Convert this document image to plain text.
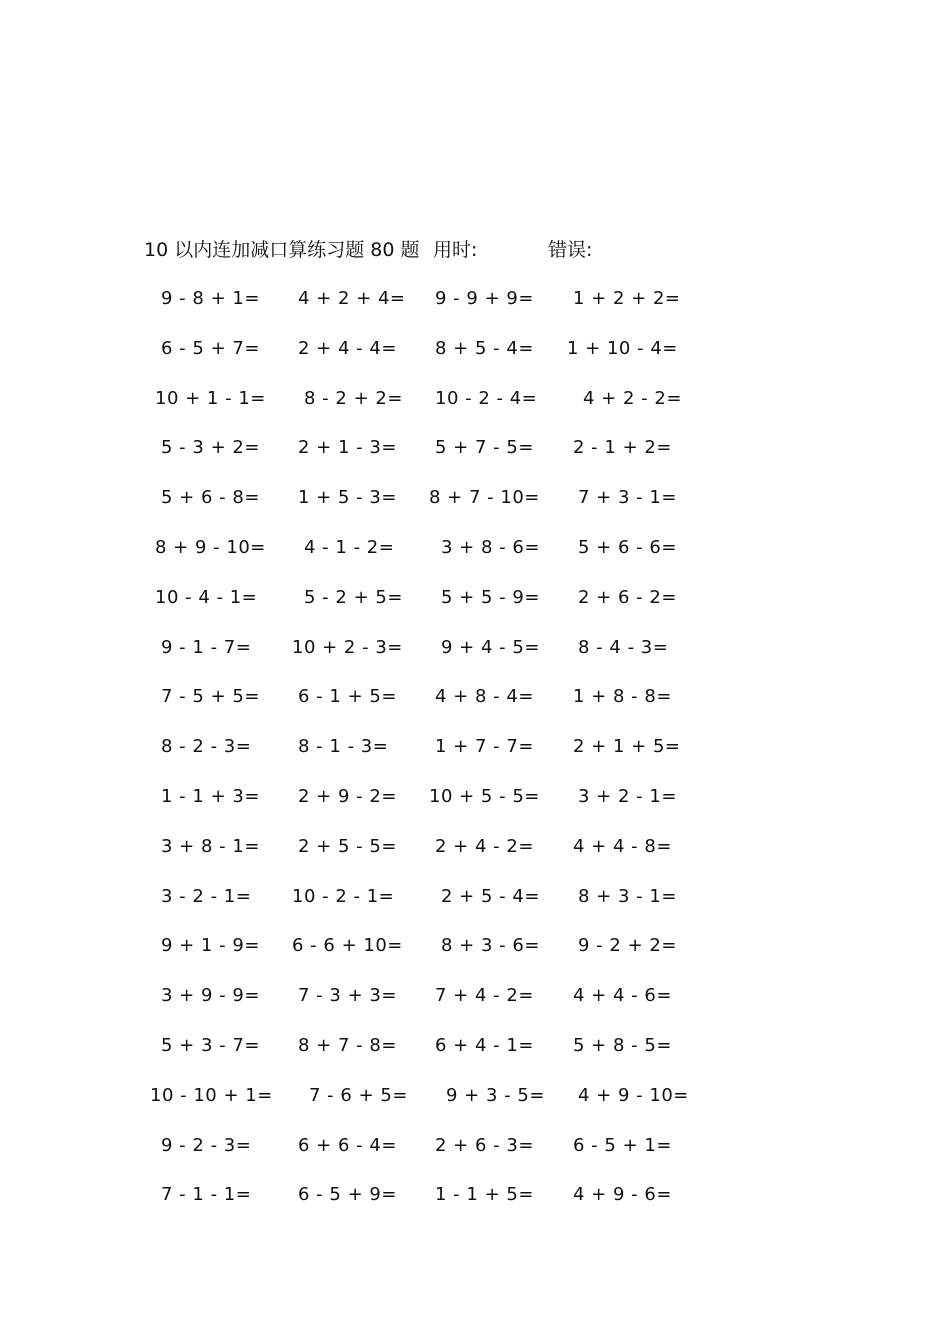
10 以内连加减口算练习题 80 题 用时:	错误:
9 - 8 + 1= 4 + 2 + 4= 9 - 9 + 9= 1 + 2 + 2=
6 - 5 + 7= 2 + 4 - 4= 8 + 5 - 4= 1 + 10 - 4=
10 + 1 - 1= 8 - 2 + 2= 10 - 2 - 4=	4 + 2 - 2=
5 - 3 + 2= 2 + 1 - 3= 5 + 7 - 5= 2 - 1 + 2=
5 + 6 - 8= 1 + 5 - 3= 8 + 7 - 10= 7 + 3 - 1=
8 + 9 - 10= 4 - 1 - 2=	3 + 8 - 6= 5 + 6 - 6=
10 - 4 - 1=	5 - 2 + 5= 5 + 5 - 9= 2 + 6 - 2=
9 - 1 - 7= 10 + 2 - 3= 9 + 4 - 5= 8 - 4 - 3=
7 - 5 + 5= 6 - 1 + 5= 4 + 8 - 4= 1 + 8 - 8=
8 - 2 - 3=	8 - 1 - 3=	1 + 7 - 7= 2 + 1 + 5=
1 - 1 + 3= 2 + 9 - 2= 10 + 5 - 5= 3 + 2 - 1=
3 + 8 - 1= 2 + 5 - 5= 2 + 4 - 2= 4 + 4 - 8=
3 - 2 - 1= 10 - 2 - 1=	2 + 5 - 4= 8 + 3 - 1=
9 + 1 - 9= 6 - 6 + 10= 8 + 3 - 6= 9 - 2 + 2=
3 + 9 - 9= 7 - 3 + 3= 7 + 4 - 2= 4 + 4 - 6=
5 + 3 - 7= 8 + 7 - 8= 6 + 4 - 1= 5 + 8 - 5=
10 - 10 + 1= 7 - 6 + 5= 9 + 3 - 5= 4 + 9 - 10=
9 - 2 - 3=	6 + 6 - 4= 2 + 6 - 3= 6 - 5 + 1=
7 - 1 - 1=	6 - 5 + 9= 1 - 1 + 5= 4 + 9 - 6=
